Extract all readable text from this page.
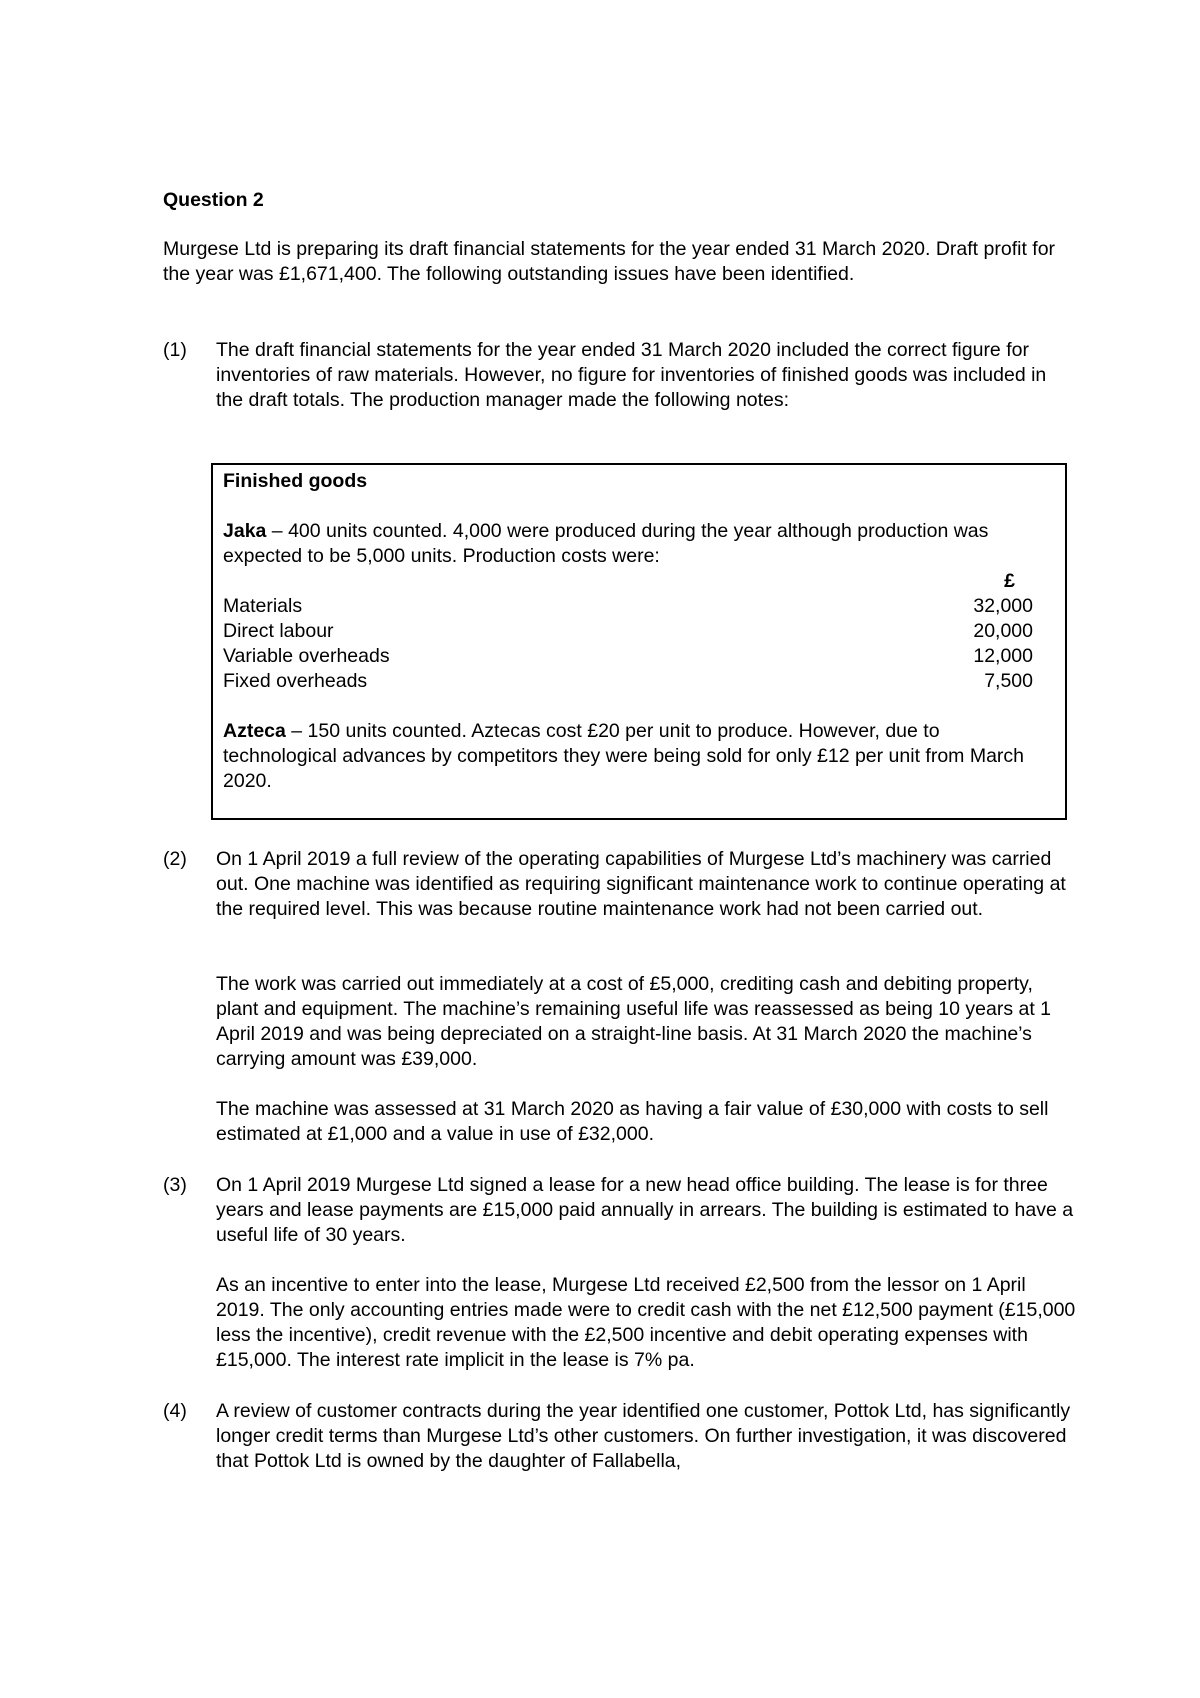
Question 2

Murgese Ltd is preparing its draft financial statements for the year ended 31 March 2020. Draft profit for the year was £1,671,400. The following outstanding issues have been identified.

(1) The draft financial statements for the year ended 31 March 2020 included the correct figure for inventories of raw materials. However, no figure for inventories of finished goods was included in the draft totals. The production manager made the following notes:

Finished goods

Jaka – 400 units counted. 4,000 were produced during the year although production was expected to be 5,000 units. Production costs were:

	£
Materials	32,000
Direct labour	20,000
Variable overheads	12,000
Fixed overheads	7,500

Azteca – 150 units counted. Aztecas cost £20 per unit to produce. However, due to technological advances by competitors they were being sold for only £12 per unit from March 2020.

(2) On 1 April 2019 a full review of the operating capabilities of Murgese Ltd’s machinery was carried out. One machine was identified as requiring significant maintenance work to continue operating at the required level. This was because routine maintenance work had not been carried out.

The work was carried out immediately at a cost of £5,000, crediting cash and debiting property, plant and equipment. The machine’s remaining useful life was reassessed as being 10 years at 1 April 2019 and was being depreciated on a straight-line basis. At 31 March 2020 the machine’s carrying amount was £39,000.

The machine was assessed at 31 March 2020 as having a fair value of £30,000 with costs to sell estimated at £1,000 and a value in use of £32,000.

(3) On 1 April 2019 Murgese Ltd signed a lease for a new head office building. The lease is for three years and lease payments are £15,000 paid annually in arrears. The building is estimated to have a useful life of 30 years.

As an incentive to enter into the lease, Murgese Ltd received £2,500 from the lessor on 1 April 2019. The only accounting entries made were to credit cash with the net £12,500 payment (£15,000 less the incentive), credit revenue with the £2,500 incentive and debit operating expenses with £15,000. The interest rate implicit in the lease is 7% pa.

(4) A review of customer contracts during the year identified one customer, Pottok Ltd, has significantly longer credit terms than Murgese Ltd’s other customers. On further investigation, it was discovered that Pottok Ltd is owned by the daughter of Fallabella,
